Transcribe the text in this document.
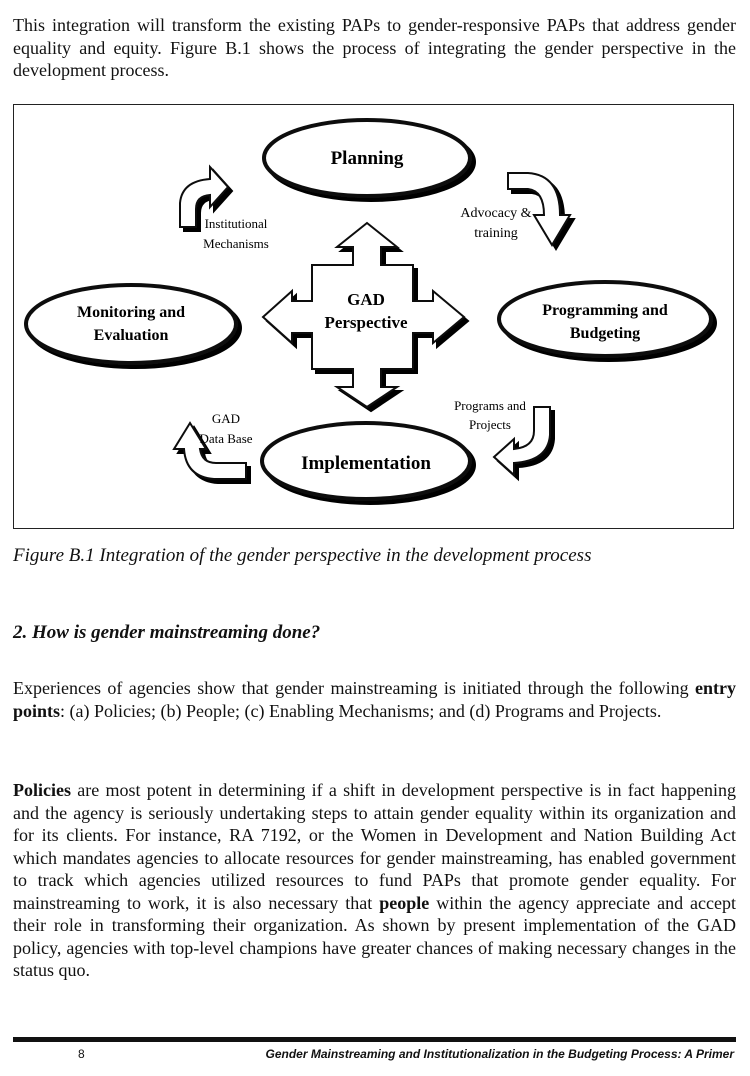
This integration will transform the existing PAPs to gender-responsive PAPs that address gender equality and equity. Figure B.1 shows the process of integrating the gender perspective in the development process.

GAD
Perspective
Planning
Programming and
Budgeting
Implementation
Monitoring and
Evaluation
Advocacy &
training
Institutional
Mechanisms
Programs and
Projects
GAD
Data Base

Figure B.1 Integration of the gender perspective in the development process

2. How is gender mainstreaming done?

Experiences of agencies show that gender mainstreaming is initiated through the following entry points: (a) Policies; (b) People; (c) Enabling Mechanisms; and (d) Programs and Projects.

Policies are most potent in determining if a shift in development perspective is in fact happening and the agency is seriously undertaking steps to attain gender equality within its organization and for its clients. For instance, RA 7192, or the Women in Development and Nation Building Act which mandates agencies to allocate resources for gender mainstreaming, has enabled government to track which agencies utilized resources to fund PAPs that promote gender equality. For mainstreaming to work, it is also necessary that people within the agency appreciate and accept their role in transforming their organization. As shown by present implementation of the GAD policy, agencies with top-level champions have greater chances of making necessary changes in the status quo.

8	Gender Mainstreaming and Institutionalization in the Budgeting Process: A Primer
